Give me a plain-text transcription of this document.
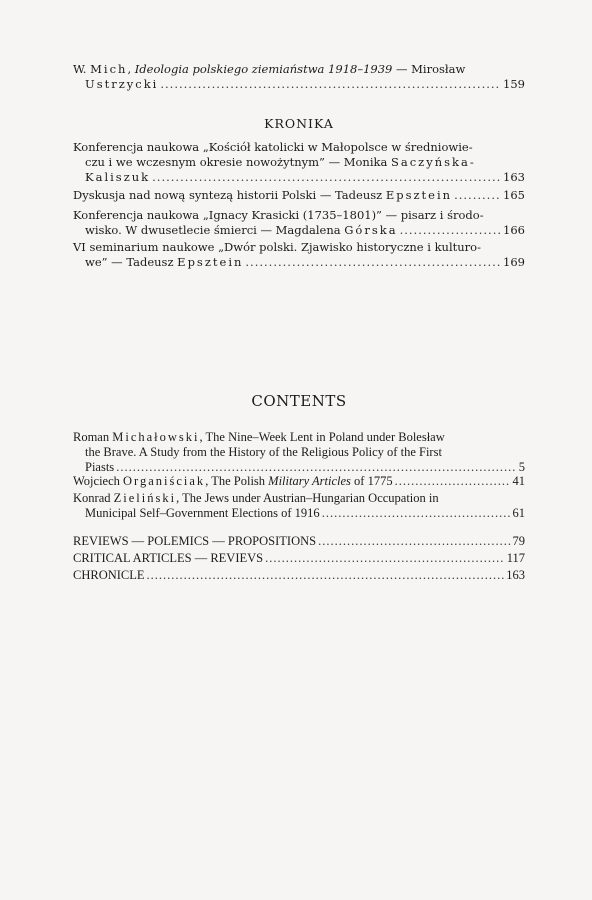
W. Mich, Ideologia polskiego ziemiaństwa 1918–1939 — Mirosław
Ustrzycki .....	159
KRONIKA
Konferencja naukowa „Kościół katolicki w Małopolsce w średniowie-
czu i we wczesnym okresie nowożytnym” — Monika Saczyńska-
Kaliszuk .....	163
Dyskusja nad nową syntezą historii Polski — Tadeusz Epsztein .....	165
Konferencja naukowa „Ignacy Krasicki (1735–1801)” — pisarz i środo-
wisko. W dwusetlecie śmierci — Magdalena Górska .....	166
VI seminarium naukowe „Dwór polski. Zjawisko historyczne i kulturo-
we” — Tadeusz Epsztein .....	169
CONTENTS
Roman Michałowski, The Nine–Week Lent in Poland under Bolesław
the Brave. A Study from the History of the Religious Policy of the First
Piasts .....	5
Wojciech Organiściak, The Polish Military Articles of 1775 .....	41
Konrad Zieliński, The Jews under Austrian–Hungarian Occupation in
Municipal Self–Government Elections of 1916 .....	61
REVIEWS — POLEMICS — PROPOSITIONS .....	79
CRITICAL ARTICLES — REVIEVS .....	117
CHRONICLE .....	163
